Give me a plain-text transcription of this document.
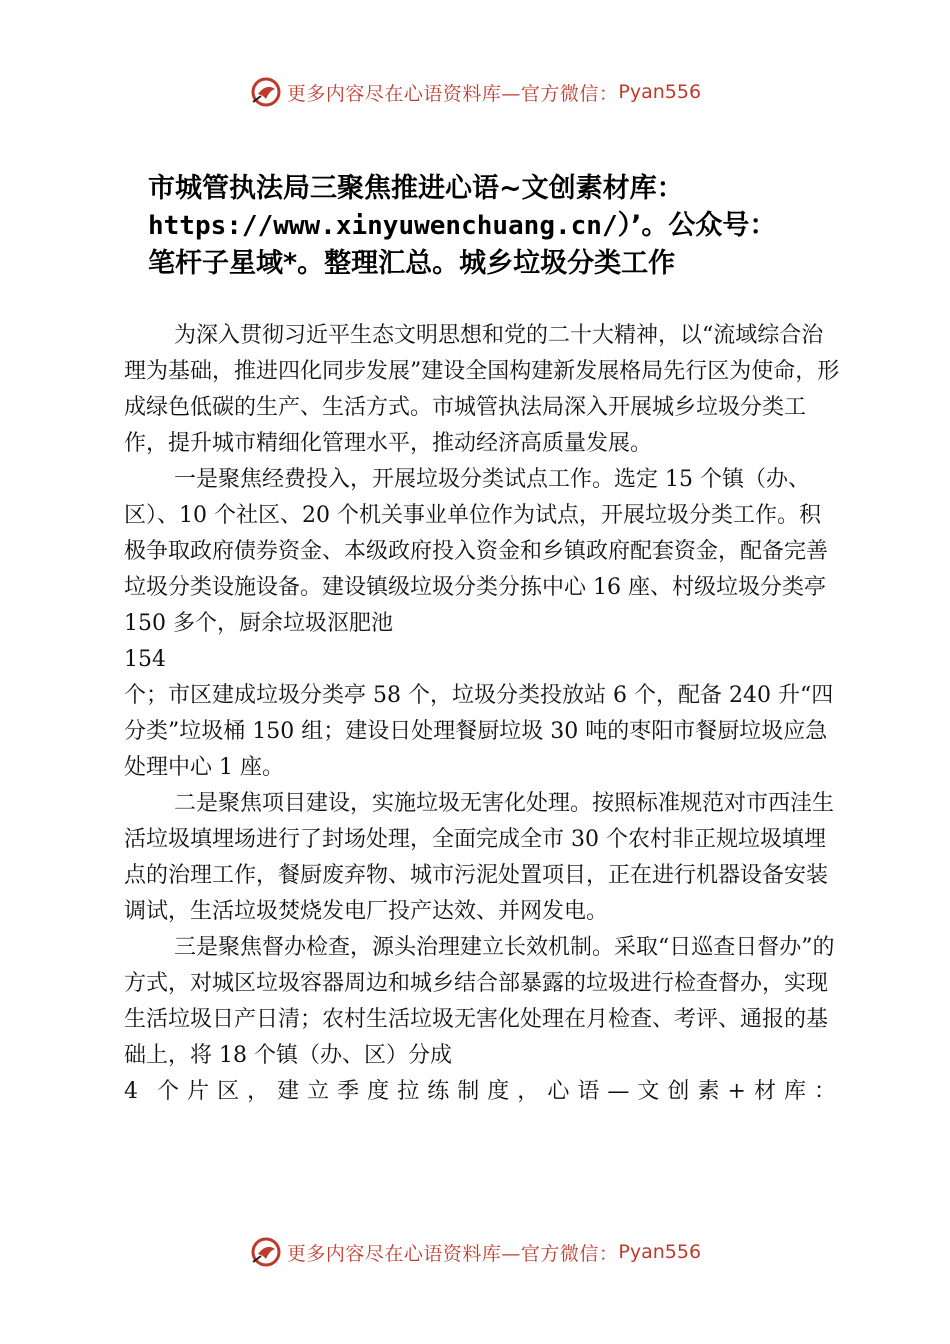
更多内容尽在心语资料库—官方微信： Pyan556
市城管执法局三聚焦推进心语~文创素材库：
https://www.xinyuwenchuang.cn/）’。公众号：
笔杆子星域*。整理汇总。城乡垃圾分类工作

为深入贯彻习近平生态文明思想和党的二十大精神，以“流域综合治理为基础，推进四化同步发展”建设全国构建新发展格局先行区为使命，形成绿色低碳的生产、生活方式。市城管执法局深入开展城乡垃圾分类工作，提升城市精细化管理水平，推动经济高质量发展。

一是聚焦经费投入，开展垃圾分类试点工作。选定 15 个镇（办、区）、10 个社区、20 个机关事业单位作为试点，开展垃圾分类工作。积极争取政府债券资金、本级政府投入资金和乡镇政府配套资金，配备完善垃圾分类设施设备。建设镇级垃圾分类分拣中心 16 座、村级垃圾分类亭 150 多个，厨余垃圾沤肥池
154

个；市区建成垃圾分类亭 58 个，垃圾分类投放站 6 个，配备 240 升“四分类”垃圾桶 150 组；建设日处理餐厨垃圾 30 吨的枣阳市餐厨垃圾应急处理中心 1 座。

二是聚焦项目建设，实施垃圾无害化处理。按照标准规范对市西洼生活垃圾填埋场进行了封场处理，全面完成全市 30 个农村非正规垃圾填埋点的治理工作，餐厨废弃物、城市污泥处置项目，正在进行机器设备安装调试，生活垃圾焚烧发电厂投产达效、并网发电。

三是聚焦督办检查，源头治理建立长效机制。采取“日巡查日督办”的方式，对城区垃圾容器周边和城乡结合部暴露的垃圾进行检查督办，实现生活垃圾日产日清；农村生活垃圾无害化处理在月检查、考评、通报的基础上，将 18 个镇（办、区）分成

4 个片区，建立季度拉练制度，心语—文创素+材库：

更多内容尽在心语资料库—官方微信： Pyan556
